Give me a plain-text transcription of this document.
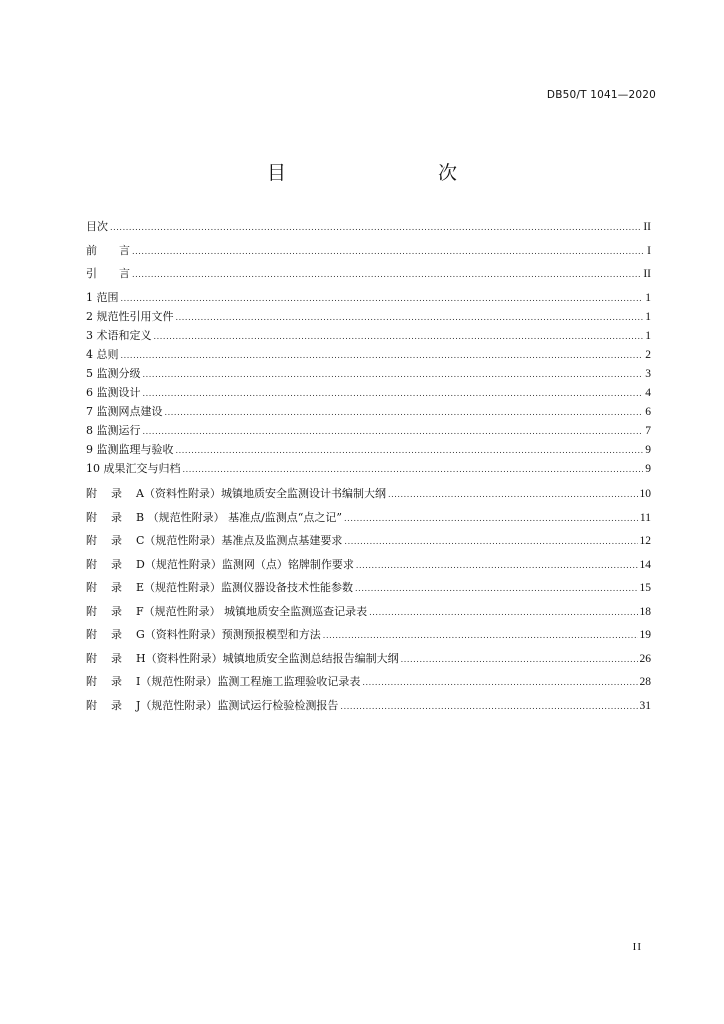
DB50/T 1041—2020
目　　次
目次 .....	II
前　　言 .....	I
引　　言 .....	II
1 范围 .....	1
2 规范性引用文件 .....	1
3 术语和定义 .....	1
4 总则 .....	2
5 监测分级 .....	3
6 监测设计 .....	4
7 监测网点建设 .....	6
8 监测运行 .....	7
9 监测监理与验收 .....	9
10 成果汇交与归档 .....	9
附 录	A（资料性附录）城镇地质安全监测设计书编制大纲 .....	10
附 录	B （规范性附录） 基准点/监测点“点之记” .....	11
附 录	C（规范性附录）基准点及监测点基建要求 .....	12
附 录	D（规范性附录）监测网（点）铭牌制作要求 .....	14
附 录	E（规范性附录）监测仪器设备技术性能参数 .....	15
附 录	F（规范性附录） 城镇地质安全监测巡查记录表 .....	18
附 录	G（资料性附录）预测预报模型和方法 .....	19
附 录	H（资料性附录）城镇地质安全监测总结报告编制大纲 .....	26
附 录	I（规范性附录）监测工程施工监理验收记录表 .....	28
附 录	J（规范性附录）监测试运行检验检测报告 .....	31
II
